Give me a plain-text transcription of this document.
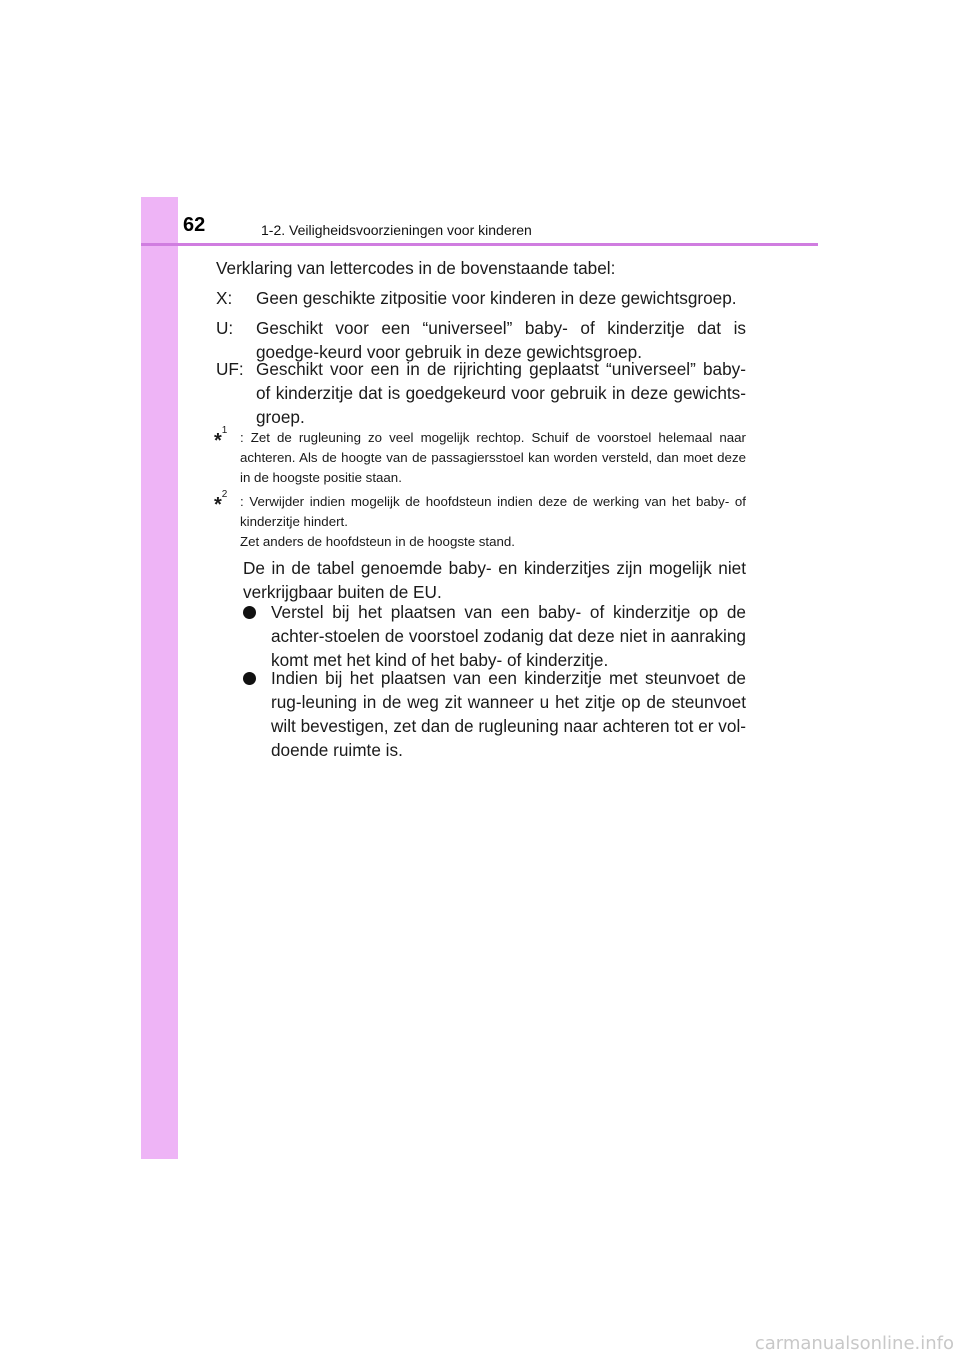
62	1-2. Veiligheidsvoorzieningen voor kinderen
Verklaring van lettercodes in de bovenstaande tabel:
X: Geen geschikte zitpositie voor kinderen in deze gewichtsgroep.
U: Geschikt voor een “universeel” baby- of kinderzitje dat is goedge-keurd voor gebruik in deze gewichtsgroep.
UF: Geschikt voor een in de rijrichting geplaatst “universeel” baby- of kinderzitje dat is goedgekeurd voor gebruik in deze gewichts-groep.
*$^1$ : Zet de rugleuning zo veel mogelijk rechtop. Schuif de voorstoel helemaal naar achteren. Als de hoogte van de passagiersstoel kan worden versteld, dan moet deze in de hoogste positie staan.
*$^2$ : Verwijder indien mogelijk de hoofdsteun indien deze de werking van het baby- of kinderzitje hindert.
Zet anders de hoofdsteun in de hoogste stand.
De in de tabel genoemde baby- en kinderzitjes zijn mogelijk niet verkrijgbaar buiten de EU.
Verstel bij het plaatsen van een baby- of kinderzitje op de achter-stoelen de voorstoel zodanig dat deze niet in aanraking komt met het kind of het baby- of kinderzitje.
Indien bij het plaatsen van een kinderzitje met steunvoet de rug-leuning in de weg zit wanneer u het zitje op de steunvoet wilt bevestigen, zet dan de rugleuning naar achteren tot er vol-doende ruimte is.
carmanualsonline.info
